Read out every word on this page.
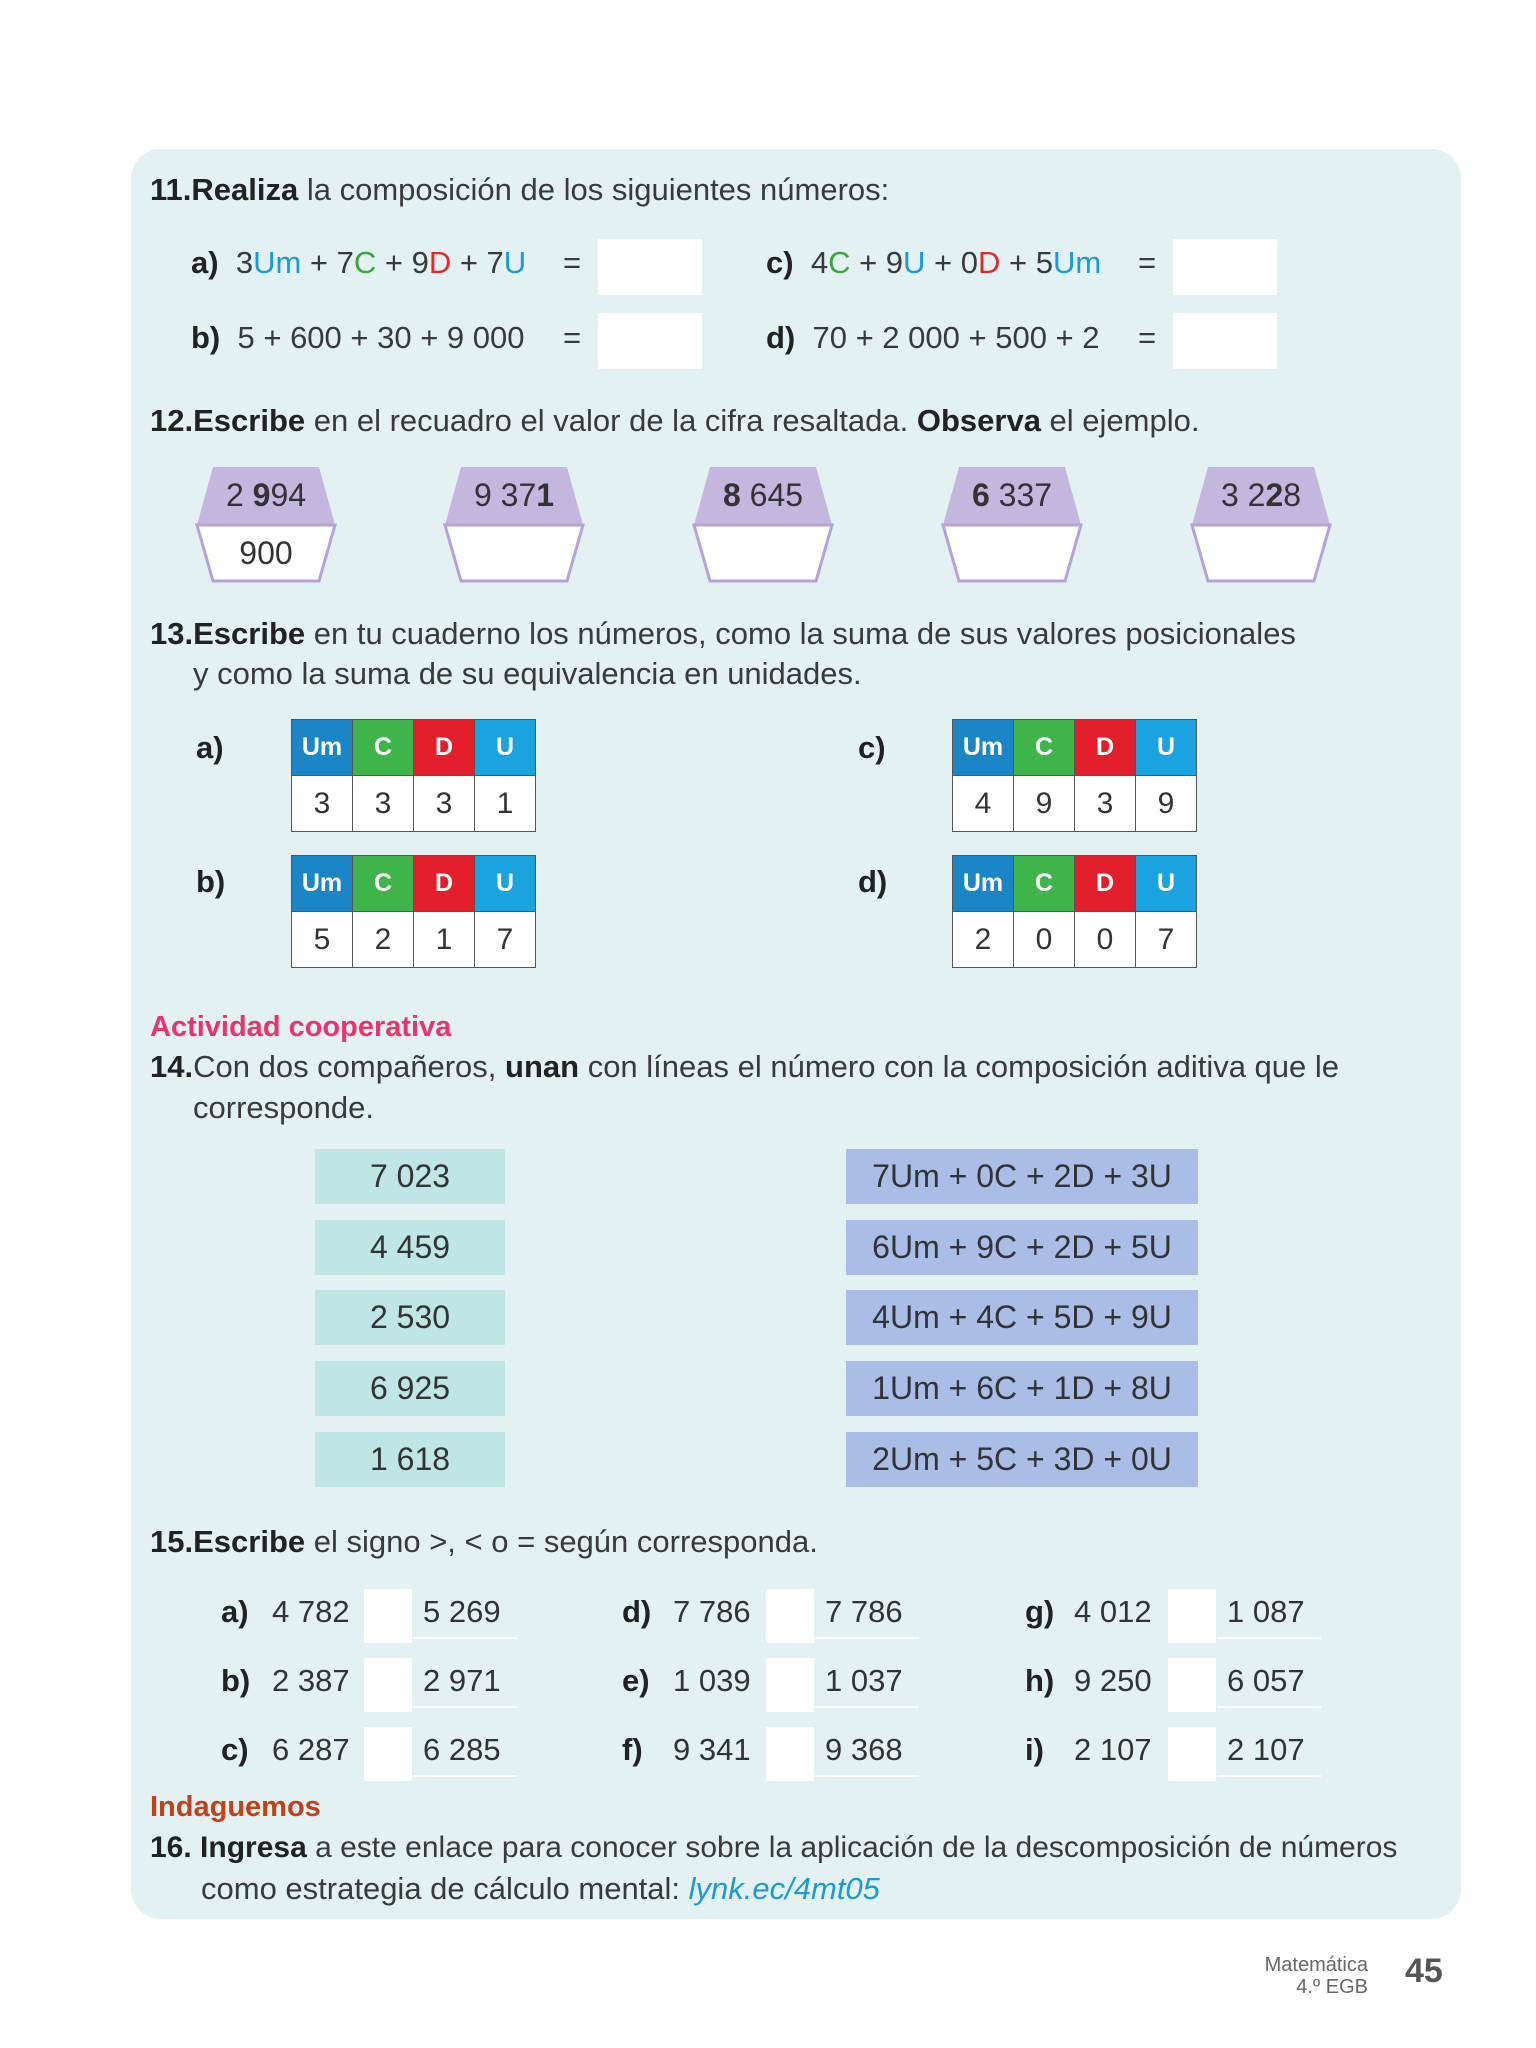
11.Realiza la composición de los siguientes números:
a) 3Um + 7C + 9D + 7U =	c) 4C + 9U + 0D + 5Um =
b) 5 + 600 + 30 + 9 000 =	d) 70 + 2 000 + 500 + 2 =
12.Escribe en el recuadro el valor de la cifra resaltada. Observa el ejemplo.
2 994
900
9 371	8 645	6 337	3 228
13.Escribe en tu cuaderno los números, como la suma de sus valores posicionales
y como la suma de su equivalencia en unidades.
a)	Um	C	D	U
3	3	3	1
b)	Um	C	D	U
5	2	1	7
c)	Um	C	D	U
4	9	3	9
d)	Um	C	D	U
2	0	0	7
Actividad cooperativa
14.Con dos compañeros, unan con líneas el número con la composición aditiva que le
corresponde.
7 023
4 459
2 530
6 925
1 618
7Um + 0C + 2D + 3U
6Um + 9C + 2D + 5U
4Um + 4C + 5D + 9U
1Um + 6C + 1D + 8U
2Um + 5C + 3D + 0U
15.Escribe el signo >, < o = según corresponda.
a) 4 782	5 269
b) 2 387	2 971
c) 6 287	6 285
d) 7 786	7 786
e) 1 039	1 037
f) 9 341	9 368
g) 4 012	1 087
h) 9 250	6 057
i) 2 107	2 107
Indaguemos
16. Ingresa a este enlace para conocer sobre la aplicación de la descomposición de números
como estrategia de cálculo mental: lynk.ec/4mt05
Matemática
4.º EGB 45
